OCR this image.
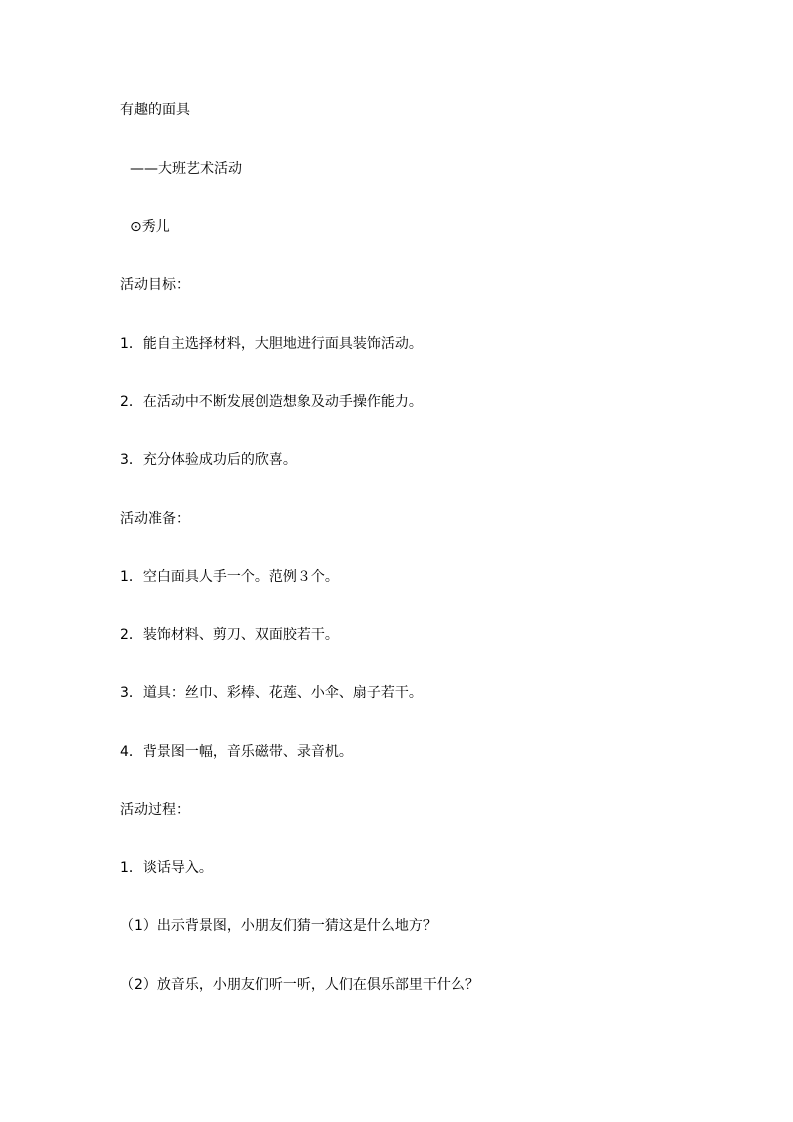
有趣的面具
——大班艺术活动
⊙秀儿
活动目标：
1．能自主选择材料，大胆地进行面具装饰活动。
2．在活动中不断发展创造想象及动手操作能力。
3．充分体验成功后的欣喜。
活动准备：
1．空白面具人手一个。范例３个。
2．装饰材料、剪刀、双面胶若干。
3．道具：丝巾、彩棒、花莲、小伞、扇子若干。
4．背景图一幅，音乐磁带、录音机。
活动过程：
1．谈话导入。
（1）出示背景图，小朋友们猜一猜这是什么地方？
（2）放音乐，小朋友们听一听，人们在俱乐部里干什么？
